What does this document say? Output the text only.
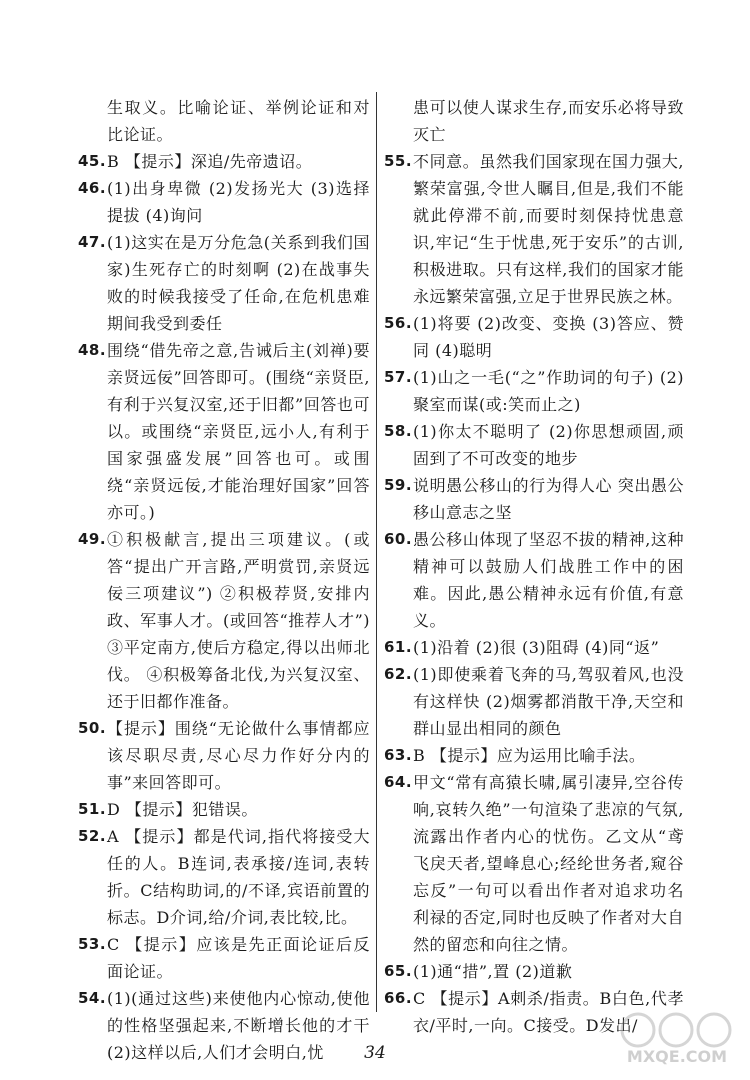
生取义。比喻论证、举例论证和对比论证。
45. B 【提示】深追/先帝遗诏。
46. (1)出身卑微 (2)发扬光大 (3)选择提拔 (4)询问
47. (1)这实在是万分危急(关系到我们国家)生死存亡的时刻啊 (2)在战事失败的时候我接受了任命,在危机患难期间我受到委任
48. 围绕“借先帝之意,告诫后主(刘禅)要亲贤远佞”回答即可。(围绕“亲贤臣,有利于兴复汉室,还于旧都”回答也可以。或围绕“亲贤臣,远小人,有利于国家强盛发展”回答也可。或围绕“亲贤远佞,才能治理好国家”回答亦可。)
49. ①积极献言,提出三项建议。(或答“提出广开言路,严明赏罚,亲贤远佞三项建议”) ②积极荐贤,安排内政、军事人才。(或回答“推荐人才”) ③平定南方,使后方稳定,得以出师北伐。 ④积极筹备北伐,为兴复汉室、还于旧都作准备。
50. 【提示】围绕“无论做什么事情都应该尽职尽责,尽心尽力作好分内的事”来回答即可。
51. D 【提示】犯错误。
52. A 【提示】都是代词,指代将接受大任的人。B连词,表承接/连词,表转折。C结构助词,的/不译,宾语前置的标志。D介词,给/介词,表比较,比。
53. C 【提示】应该是先正面论证后反面论证。
54. (1)(通过这些)来使他内心惊动,使他的性格坚强起来,不断增长他的才干 (2)这样以后,人们才会明白,忧
患可以使人谋求生存,而安乐必将导致灭亡
55. 不同意。虽然我们国家现在国力强大,繁荣富强,令世人瞩目,但是,我们不能就此停滞不前,而要时刻保持忧患意识,牢记“生于忧患,死于安乐”的古训,积极进取。只有这样,我们的国家才能永远繁荣富强,立足于世界民族之林。
56. (1)将要 (2)改变、变换 (3)答应、赞同 (4)聪明
57. (1)山之一毛(“之”作助词的句子) (2)聚室而谋(或:笑而止之)
58. (1)你太不聪明了 (2)你思想顽固,顽固到了不可改变的地步
59. 说明愚公移山的行为得人心 突出愚公移山意志之坚
60. 愚公移山体现了坚忍不拔的精神,这种精神可以鼓励人们战胜工作中的困难。因此,愚公精神永远有价值,有意义。
61. (1)沿着 (2)很 (3)阻碍 (4)同“返”
62. (1)即使乘着飞奔的马,驾驭着风,也没有这样快 (2)烟雾都消散干净,天空和群山显出相同的颜色
63. B 【提示】应为运用比喻手法。
64. 甲文“常有高猿长啸,属引凄异,空谷传响,哀转久绝”一句渲染了悲凉的气氛,流露出作者内心的忧伤。乙文从“鸢飞戾天者,望峰息心;经纶世务者,窥谷忘反”一句可以看出作者对追求功名利禄的否定,同时也反映了作者对大自然的留恋和向往之情。
65. (1)通“措”,置 (2)道歉
66. C 【提示】A刺杀/指责。B白色,代孝衣/平时,一向。C接受。D发出/
34	MXQE.COM
